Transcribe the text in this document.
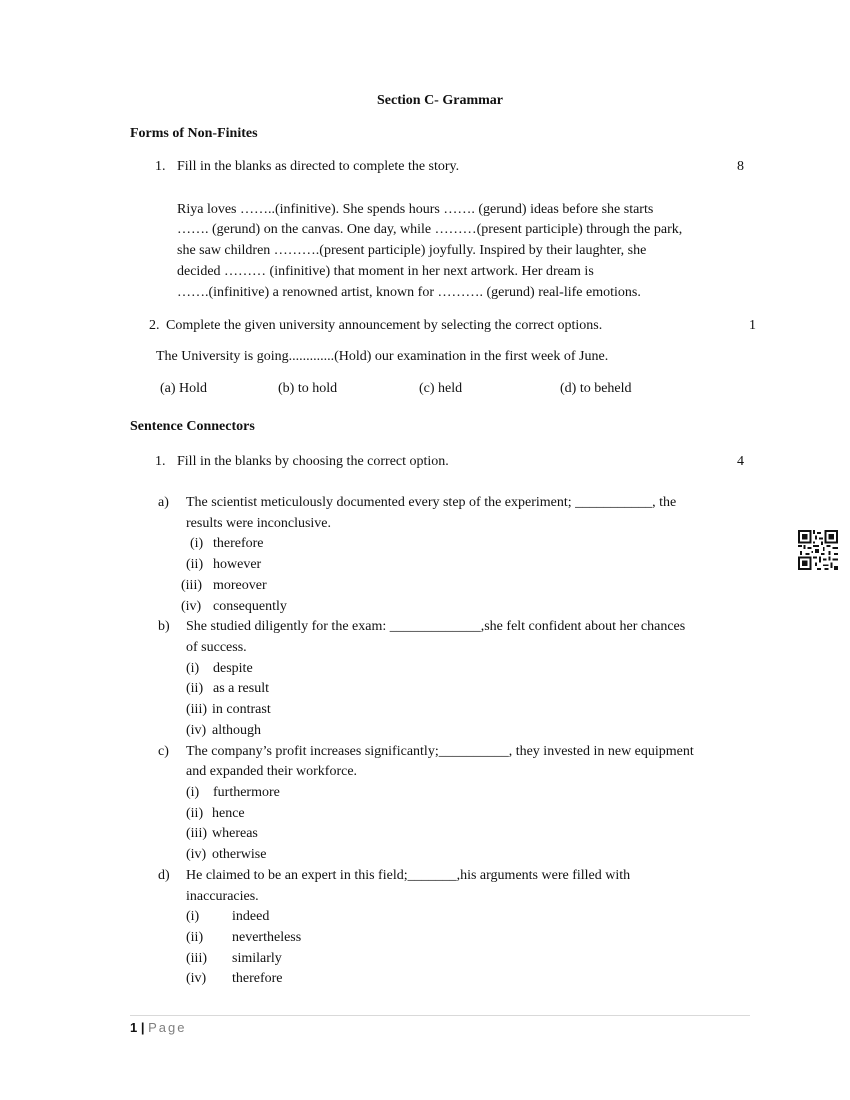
Section C- Grammar
Forms of Non-Finites
1. Fill in the blanks as directed to complete the story.	8
Riya loves ……..(infinitive). She spends hours ……. (gerund) ideas before she starts
……. (gerund) on the canvas. One day, while ………(present participle) through the park,
she saw children ……….(present participle) joyfully. Inspired by their laughter, she
decided ……… (infinitive) that moment in her next artwork. Her dream is
…….(infinitive) a renowned artist, known for ………. (gerund) real-life emotions.
2. Complete the given university announcement by selecting the correct options.	1
The University is going.............(Hold) our examination in the first week of June.
(a) Hold	(b) to hold	(c) held	(d) to beheld
Sentence Connectors
1. Fill in the blanks by choosing the correct option.	4
a) The scientist meticulously documented every step of the experiment; ___________, the
results were inconclusive.
(i) therefore
(ii) however
(iii) moreover
(iv) consequently
b) She studied diligently for the exam: _____________,she felt confident about her chances
of success.
(i) despite
(ii) as a result
(iii) in contrast
(iv) although
c) The company’s profit increases significantly;__________, they invested in new equipment
and expanded their workforce.
(i) furthermore
(ii) hence
(iii) whereas
(iv) otherwise
d) He claimed to be an expert in this field;_______,his arguments were filled with
inaccuracies.
(i) indeed
(ii) nevertheless
(iii) similarly
(iv) therefore
1 | Page
